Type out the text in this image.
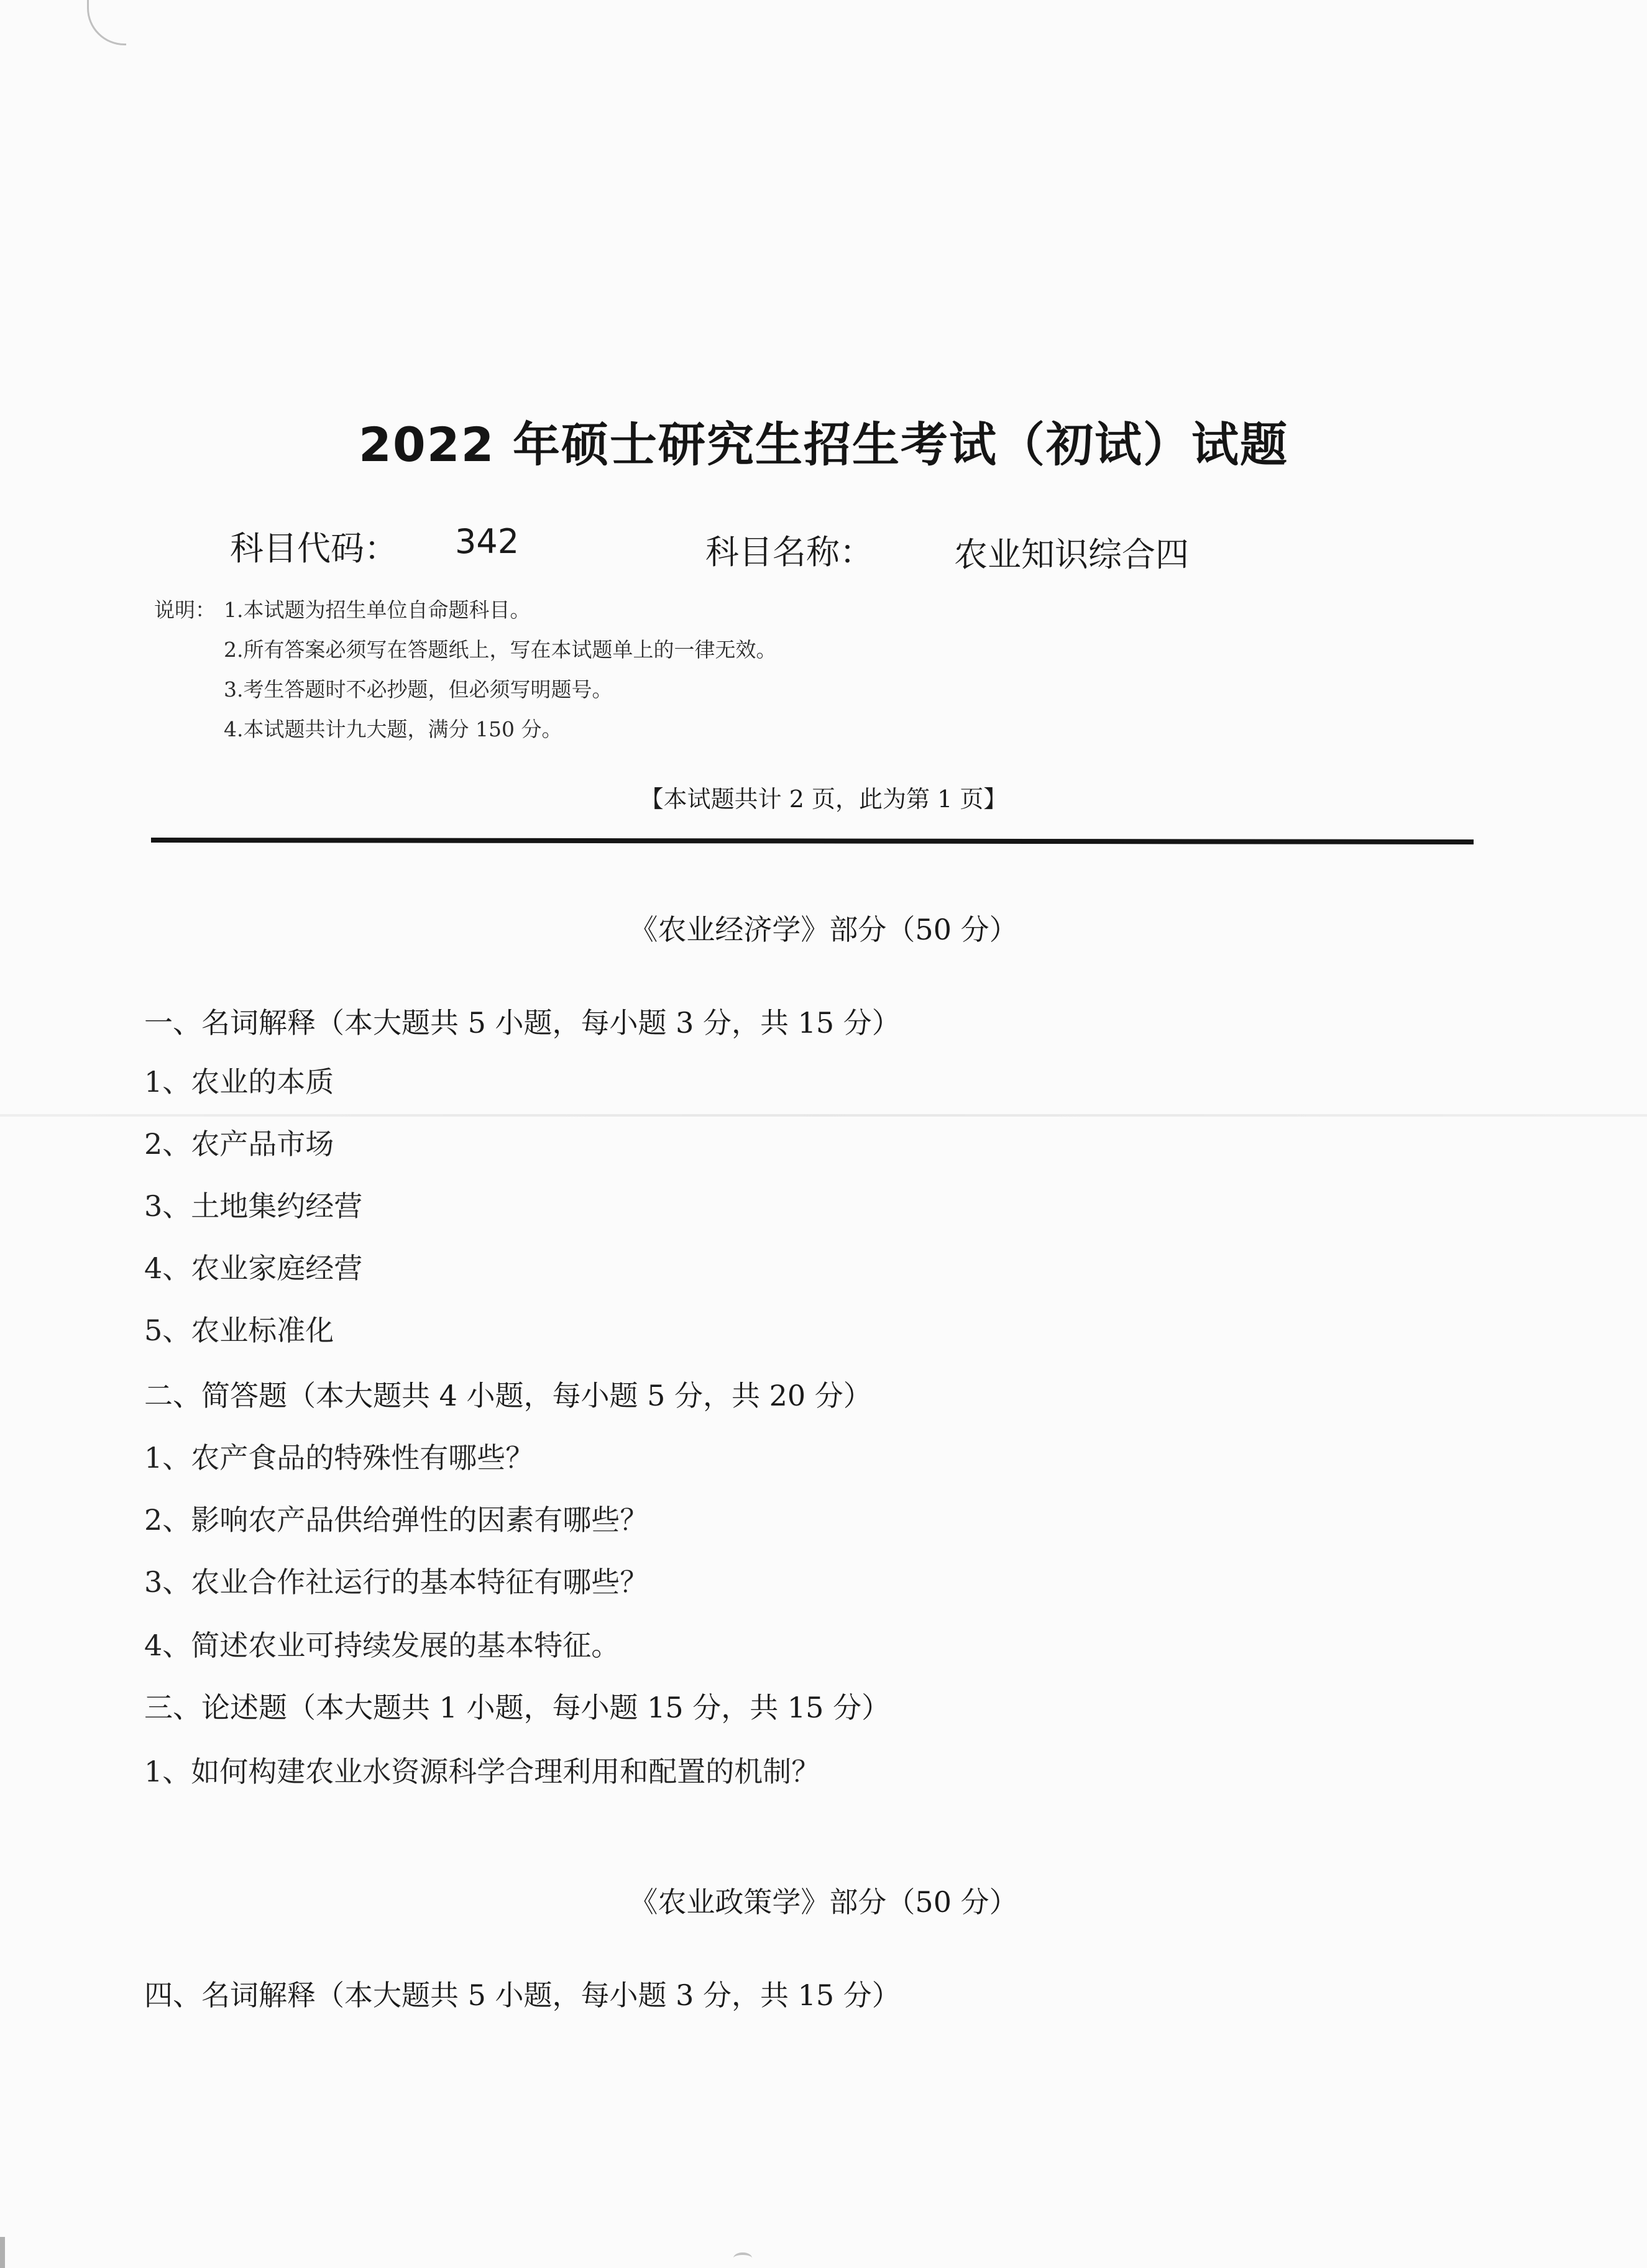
2022 年硕士研究生招生考试（初试）试题
科目代码： 342	科目名称： 农业知识综合四
说明： 1.本试题为招生单位自命题科目。
2.所有答案必须写在答题纸上，写在本试题单上的一律无效。
3.考生答题时不必抄题，但必须写明题号。
4.本试题共计九大题，满分 150 分。
【本试题共计 2 页，此为第 1 页】
《农业经济学》部分（50 分）
一、名词解释（本大题共 5 小题，每小题 3 分，共 15 分）
1、农业的本质
2、农产品市场
3、土地集约经营
4、农业家庭经营
5、农业标准化
二、简答题（本大题共 4 小题，每小题 5 分，共 20 分）
1、农产食品的特殊性有哪些？
2、影响农产品供给弹性的因素有哪些？
3、农业合作社运行的基本特征有哪些？
4、简述农业可持续发展的基本特征。
三、论述题（本大题共 1 小题，每小题 15 分，共 15 分）
1、如何构建农业水资源科学合理利用和配置的机制？
《农业政策学》部分（50 分）
四、名词解释（本大题共 5 小题，每小题 3 分，共 15 分）
